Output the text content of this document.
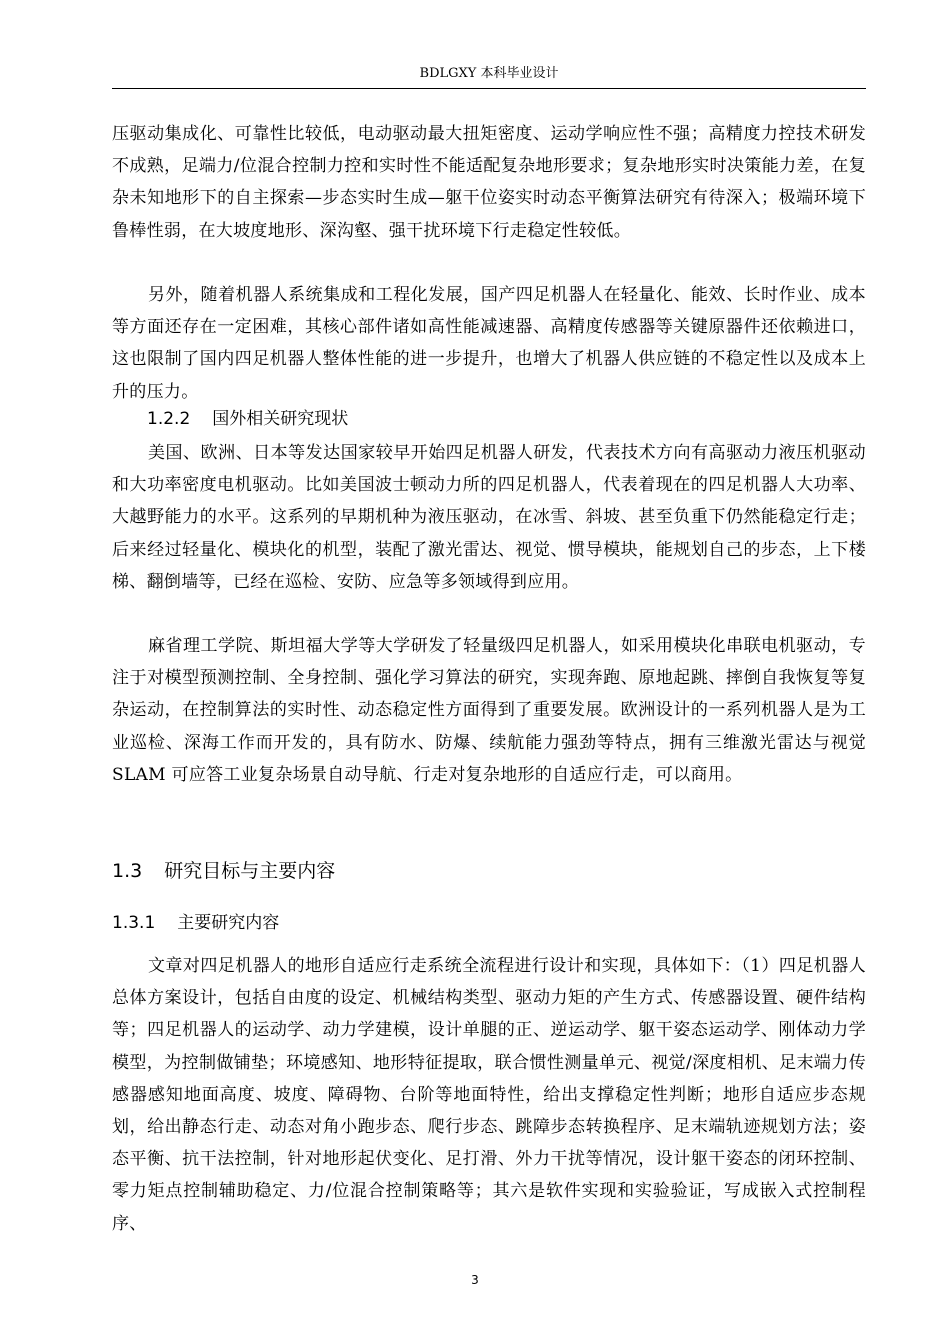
BDLGXY 本科毕业设计
压驱动集成化、可靠性比较低，电动驱动最大扭矩密度、运动学响应性不强；高精度力控技术研发不成熟，足端力/位混合控制力控和实时性不能适配复杂地形要求；复杂地形实时决策能力差，在复杂未知地形下的自主探索—步态实时生成—躯干位姿实时动态平衡算法研究有待深入；极端环境下鲁棒性弱，在大坡度地形、深沟壑、强干扰环境下行走稳定性较低。
另外，随着机器人系统集成和工程化发展，国产四足机器人在轻量化、能效、长时作业、成本等方面还存在一定困难，其核心部件诸如高性能减速器、高精度传感器等关键原器件还依赖进口，这也限制了国内四足机器人整体性能的进一步提升，也增大了机器人供应链的不稳定性以及成本上升的压力。
1.2.2 国外相关研究现状
美国、欧洲、日本等发达国家较早开始四足机器人研发，代表技术方向有高驱动力液压机驱动和大功率密度电机驱动。比如美国波士顿动力所的四足机器人，代表着现在的四足机器人大功率、大越野能力的水平。这系列的早期机种为液压驱动，在冰雪、斜坡、甚至负重下仍然能稳定行走；后来经过轻量化、模块化的机型，装配了激光雷达、视觉、惯导模块，能规划自己的步态，上下楼梯、翻倒墙等，已经在巡检、安防、应急等多领域得到应用。
麻省理工学院、斯坦福大学等大学研发了轻量级四足机器人，如采用模块化串联电机驱动，专注于对模型预测控制、全身控制、强化学习算法的研究，实现奔跑、原地起跳、摔倒自我恢复等复杂运动，在控制算法的实时性、动态稳定性方面得到了重要发展。欧洲设计的一系列机器人是为工业巡检、深海工作而开发的，具有防水、防爆、续航能力强劲等特点，拥有三维激光雷达与视觉 SLAM 可应答工业复杂场景自动导航、行走对复杂地形的自适应行走，可以商用。
1.3 研究目标与主要内容
1.3.1 主要研究内容
文章对四足机器人的地形自适应行走系统全流程进行设计和实现，具体如下：（1）四足机器人总体方案设计，包括自由度的设定、机械结构类型、驱动力矩的产生方式、传感器设置、硬件结构等；四足机器人的运动学、动力学建模，设计单腿的正、逆运动学、躯干姿态运动学、刚体动力学模型，为控制做铺垫；环境感知、地形特征提取，联合惯性测量单元、视觉/深度相机、足末端力传感器感知地面高度、坡度、障碍物、台阶等地面特性，给出支撑稳定性判断；地形自适应步态规划，给出静态行走、动态对角小跑步态、爬行步态、跳障步态转换程序、足末端轨迹规划方法；姿态平衡、抗干法控制，针对地形起伏变化、足打滑、外力干扰等情况，设计躯干姿态的闭环控制、零力矩点控制辅助稳定、力/位混合控制策略等；其六是软件实现和实验验证，写成嵌入式控制程序、
3
